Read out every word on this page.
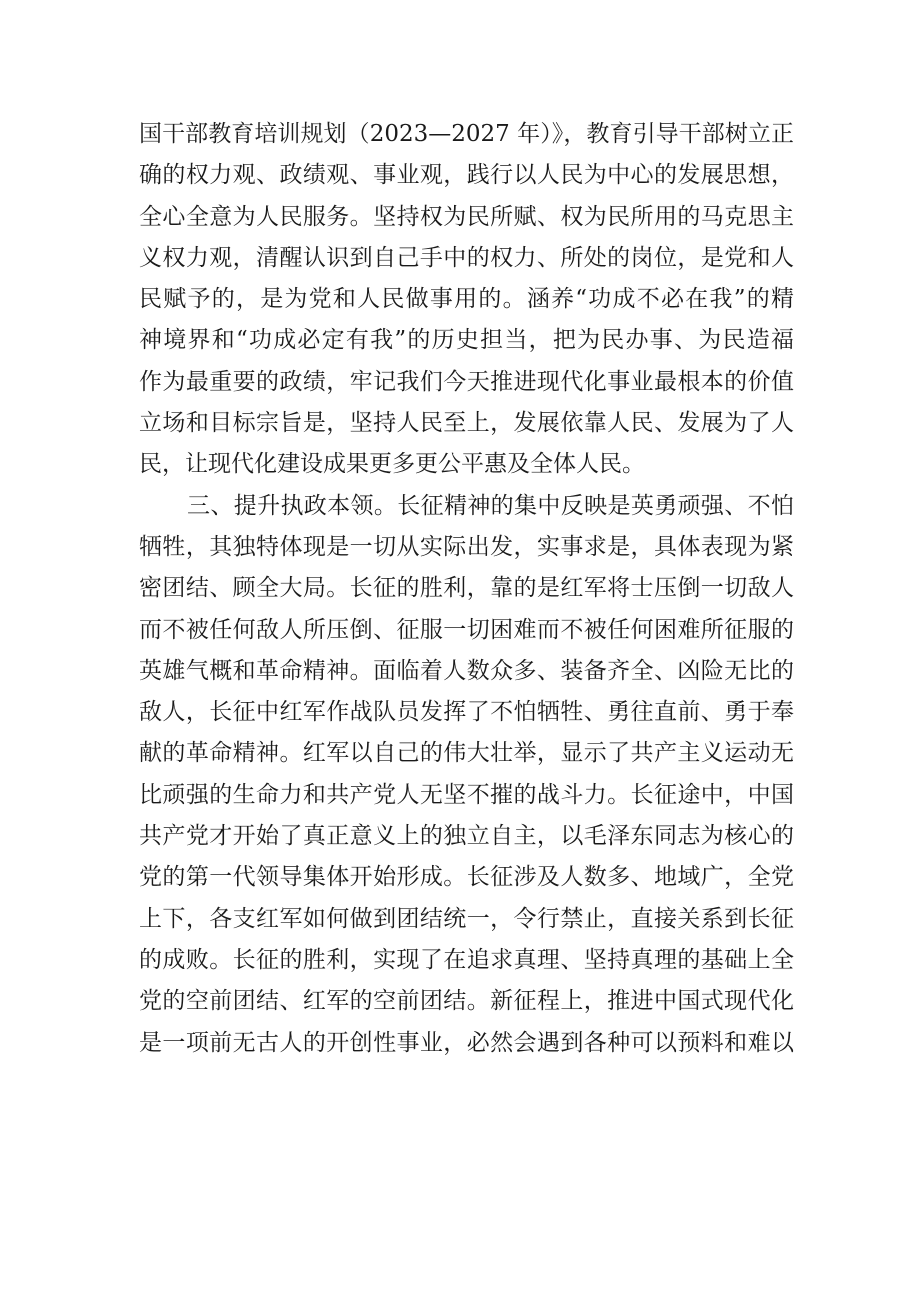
国干部教育培训规划（2023—2027 年）》，教育引导干部树立正
确的权力观、政绩观、事业观，践行以人民为中心的发展思想，
全心全意为人民服务。坚持权为民所赋、权为民所用的马克思主
义权力观，清醒认识到自己手中的权力、所处的岗位，是党和人
民赋予的，是为党和人民做事用的。涵养“功成不必在我”的精
神境界和“功成必定有我”的历史担当，把为民办事、为民造福
作为最重要的政绩，牢记我们今天推进现代化事业最根本的价值
立场和目标宗旨是，坚持人民至上，发展依靠人民、发展为了人
民，让现代化建设成果更多更公平惠及全体人民。
三、提升执政本领。长征精神的集中反映是英勇顽强、不怕
牺牲，其独特体现是一切从实际出发，实事求是，具体表现为紧
密团结、顾全大局。长征的胜利，靠的是红军将士压倒一切敌人
而不被任何敌人所压倒、征服一切困难而不被任何困难所征服的
英雄气概和革命精神。面临着人数众多、装备齐全、凶险无比的
敌人，长征中红军作战队员发挥了不怕牺牲、勇往直前、勇于奉
献的革命精神。红军以自己的伟大壮举，显示了共产主义运动无
比顽强的生命力和共产党人无坚不摧的战斗力。长征途中，中国
共产党才开始了真正意义上的独立自主，以毛泽东同志为核心的
党的第一代领导集体开始形成。长征涉及人数多、地域广，全党
上下，各支红军如何做到团结统一，令行禁止，直接关系到长征
的成败。长征的胜利，实现了在追求真理、坚持真理的基础上全
党的空前团结、红军的空前团结。新征程上，推进中国式现代化
是一项前无古人的开创性事业，必然会遇到各种可以预料和难以
